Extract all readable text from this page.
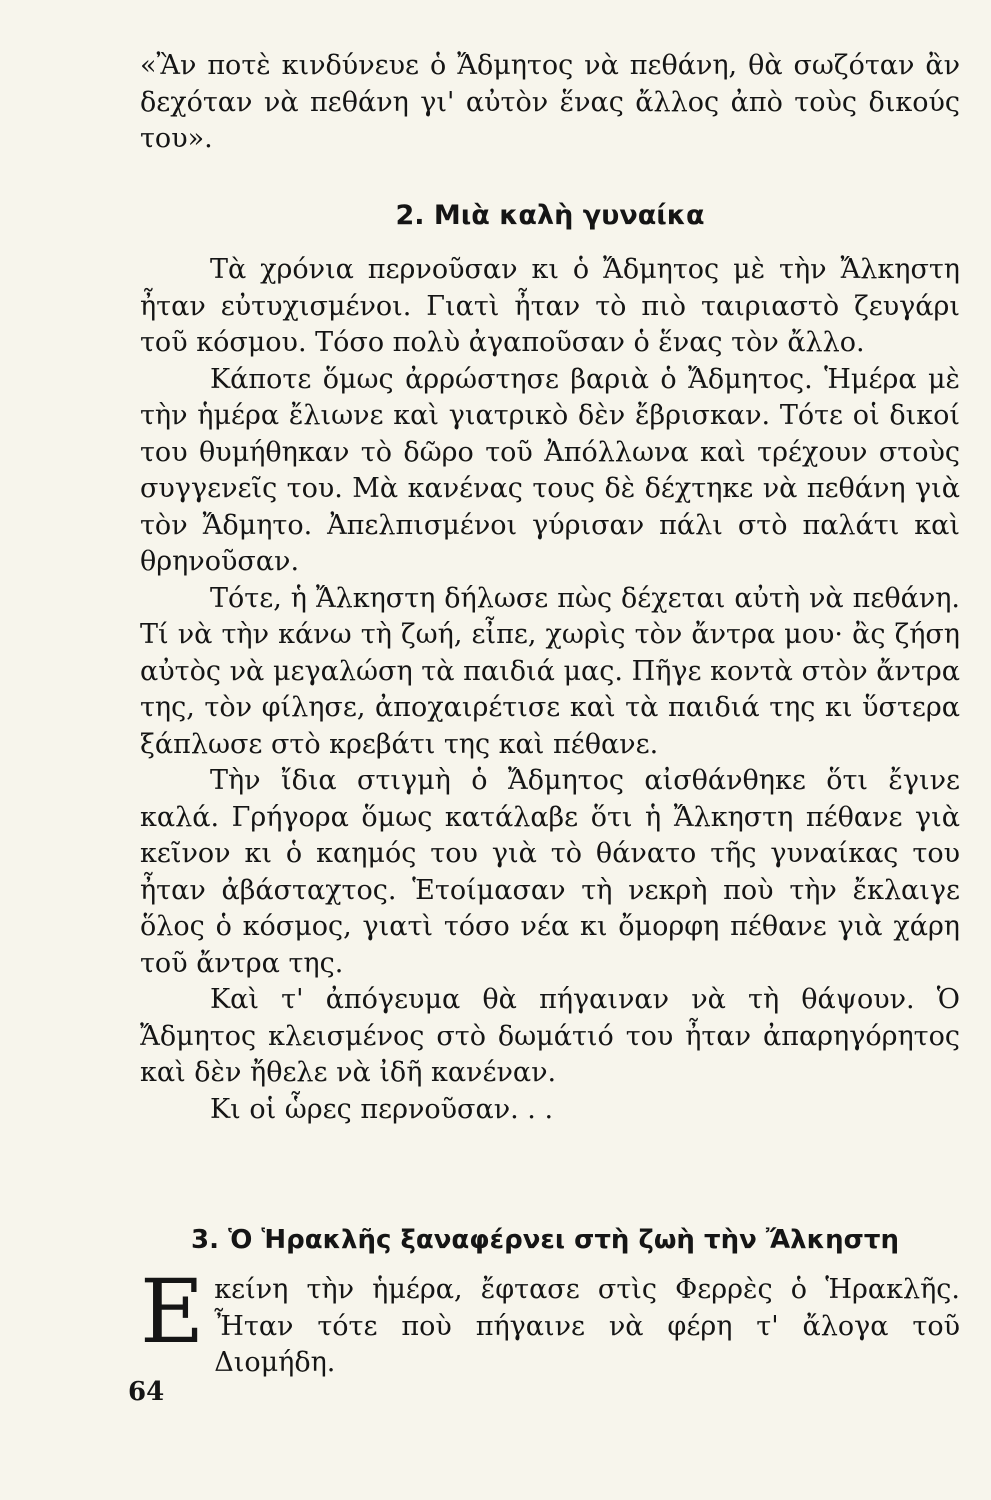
«Ἂν ποτὲ κινδύνευε ὁ Ἄδμητος νὰ πεθάνη, θὰ σωζόταν ἂν δεχόταν νὰ πεθάνη γι' αὐτὸν ἕνας ἄλλος ἀπὸ τοὺς δικούς του».

2. Μιὰ καλὴ γυναίκα

Τὰ χρόνια περνοῦσαν κι ὁ Ἄδμητος μὲ τὴν Ἄλκηστη ἦταν εὐτυχισμένοι. Γιατὶ ἦταν τὸ πιὸ ταιριαστὸ ζευγάρι τοῦ κόσμου. Τόσο πολὺ ἀγαποῦσαν ὁ ἕνας τὸν ἄλλο.

Κάποτε ὅμως ἀρρώστησε βαριὰ ὁ Ἄδμητος. Ἡμέρα μὲ τὴν ἡμέρα ἔλιωνε καὶ γιατρικὸ δὲν ἔβρισκαν. Τότε οἱ δικοί του θυμήθηκαν τὸ δῶρο τοῦ Ἀπόλλωνα καὶ τρέχουν στοὺς συγγενεῖς του. Μὰ κανένας τους δὲ δέχτηκε νὰ πεθάνη γιὰ τὸν Ἄδμητο. Ἀπελπισμένοι γύρισαν πάλι στὸ παλάτι καὶ θρηνοῦσαν.

Τότε, ἡ Ἄλκηστη δήλωσε πὼς δέχεται αὐτὴ νὰ πεθάνη. Τί νὰ τὴν κάνω τὴ ζωή, εἶπε, χωρὶς τὸν ἄντρα μου· ἂς ζήση αὐτὸς νὰ μεγαλώση τὰ παιδιά μας. Πῆγε κοντὰ στὸν ἄντρα της, τὸν φίλησε, ἀποχαιρέτισε καὶ τὰ παιδιά της κι ὕστερα ξάπλωσε στὸ κρεβάτι της καὶ πέθανε.

Τὴν ἴδια στιγμὴ ὁ Ἄδμητος αἰσθάνθηκε ὅτι ἔγινε καλά. Γρήγορα ὅμως κατάλαβε ὅτι ἡ Ἄλκηστη πέθανε γιὰ κεῖνον κι ὁ καημός του γιὰ τὸ θάνατο τῆς γυναίκας του ἦταν ἀβάσταχτος. Ἑτοίμασαν τὴ νεκρὴ ποὺ τὴν ἔκλαιγε ὅλος ὁ κόσμος, γιατὶ τόσο νέα κι ὄμορφη πέθανε γιὰ χάρη τοῦ ἄντρα της.

Καὶ τ' ἀπόγευμα θὰ πήγαιναν νὰ τὴ θάψουν. Ὁ Ἄδμητος κλεισμένος στὸ δωμάτιό του ἦταν ἀπαρηγόρητος καὶ δὲν ἤθελε νὰ ἰδῆ κανέναν.

Κι οἱ ὧρες περνοῦσαν. . .

3. Ὁ Ἡρακλῆς ξαναφέρνει στὴ ζωὴ τὴν Ἄλκηστη
Ε κείνη τὴν ἡμέρα, ἔφτασε στὶς Φερρὲς ὁ Ἡρακλῆς. Ἦταν τότε ποὺ πήγαινε νὰ φέρη τ' ἄλογα τοῦ Διομήδη.

64
